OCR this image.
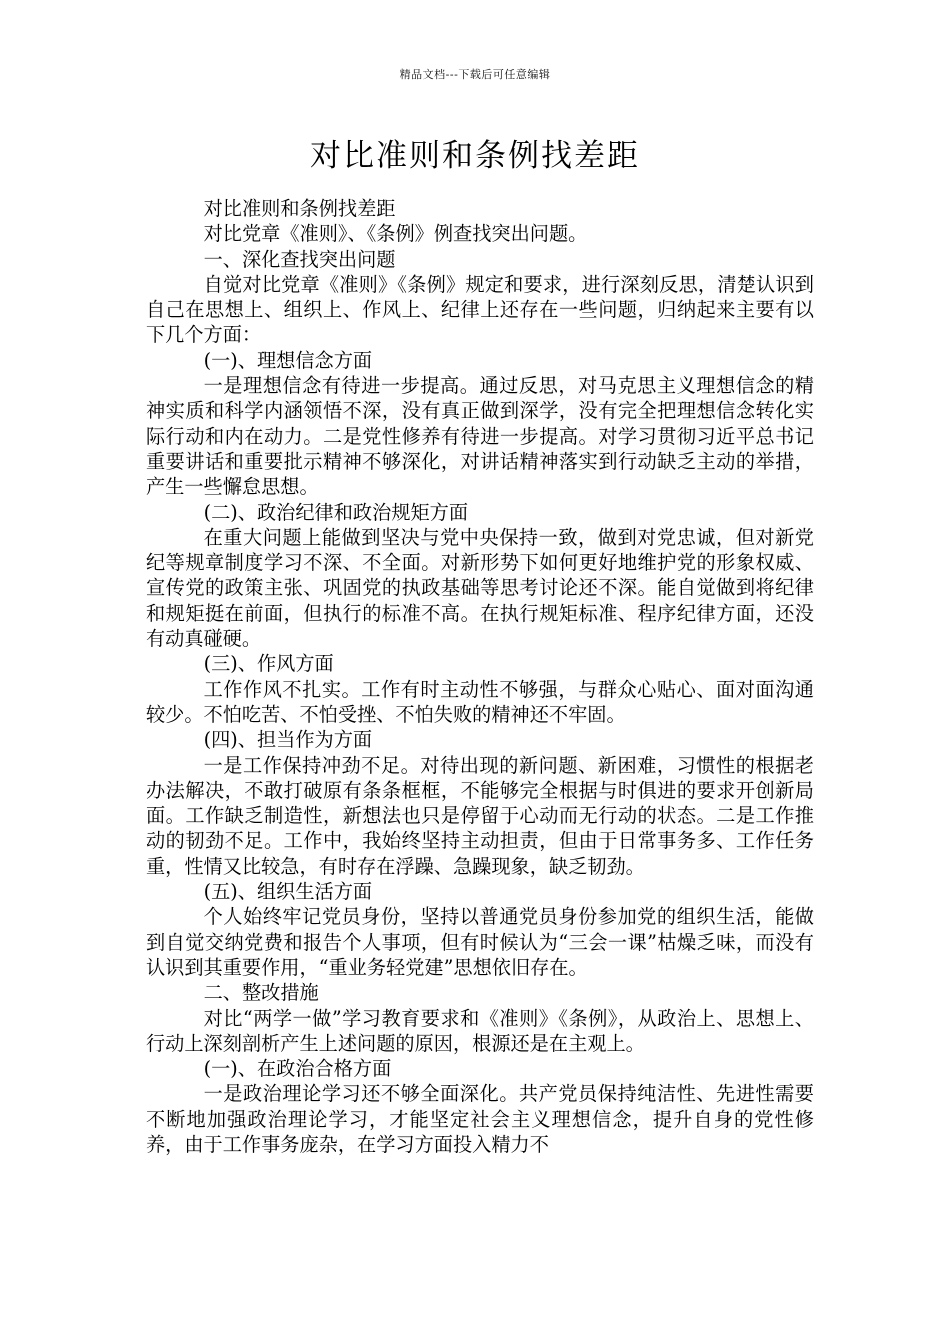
精品文档---下载后可任意编辑
对比准则和条例找差距

对比准则和条例找差距

对比党章《准则》、《条例》例查找突出问题。

一、深化查找突出问题

自觉对比党章《准则》《条例》规定和要求，进行深刻反思，清楚认识到自己在思想上、组织上、作风上、纪律上还存在一些问题，归纳起来主要有以下几个方面：

(一)、理想信念方面

一是理想信念有待进一步提高。通过反思，对马克思主义理想信念的精神实质和科学内涵领悟不深，没有真正做到深学，没有完全把理想信念转化实际行动和内在动力。二是党性修养有待进一步提高。对学习贯彻习近平总书记重要讲话和重要批示精神不够深化，对讲话精神落实到行动缺乏主动的举措，产生一些懈怠思想。

(二)、政治纪律和政治规矩方面

在重大问题上能做到坚决与党中央保持一致，做到对党忠诚，但对新党纪等规章制度学习不深、不全面。对新形势下如何更好地维护党的形象权威、宣传党的政策主张、巩固党的执政基础等思考讨论还不深。能自觉做到将纪律和规矩挺在前面，但执行的标准不高。在执行规矩标准、程序纪律方面，还没有动真碰硬。

(三)、作风方面

工作作风不扎实。工作有时主动性不够强，与群众心贴心、面对面沟通较少。不怕吃苦、不怕受挫、不怕失败的精神还不牢固。

(四)、担当作为方面

一是工作保持冲劲不足。对待出现的新问题、新困难，习惯性的根据老办法解决，不敢打破原有条条框框，不能够完全根据与时俱进的要求开创新局面。工作缺乏制造性，新想法也只是停留于心动而无行动的状态。二是工作推动的韧劲不足。工作中，我始终坚持主动担责，但由于日常事务多、工作任务重，性情又比较急，有时存在浮躁、急躁现象，缺乏韧劲。

(五)、组织生活方面

个人始终牢记党员身份，坚持以普通党员身份参加党的组织生活，能做到自觉交纳党费和报告个人事项，但有时候认为“三会一课”枯燥乏味，而没有认识到其重要作用，“重业务轻党建”思想依旧存在。

二、整改措施

对比“两学一做”学习教育要求和《准则》《条例》，从政治上、思想上、行动上深刻剖析产生上述问题的原因，根源还是在主观上。

(一)、在政治合格方面

一是政治理论学习还不够全面深化。共产党员保持纯洁性、先进性需要不断地加强政治理论学习，才能坚定社会主义理想信念，提升自身的党性修养，由于工作事务庞杂，在学习方面投入精力不
